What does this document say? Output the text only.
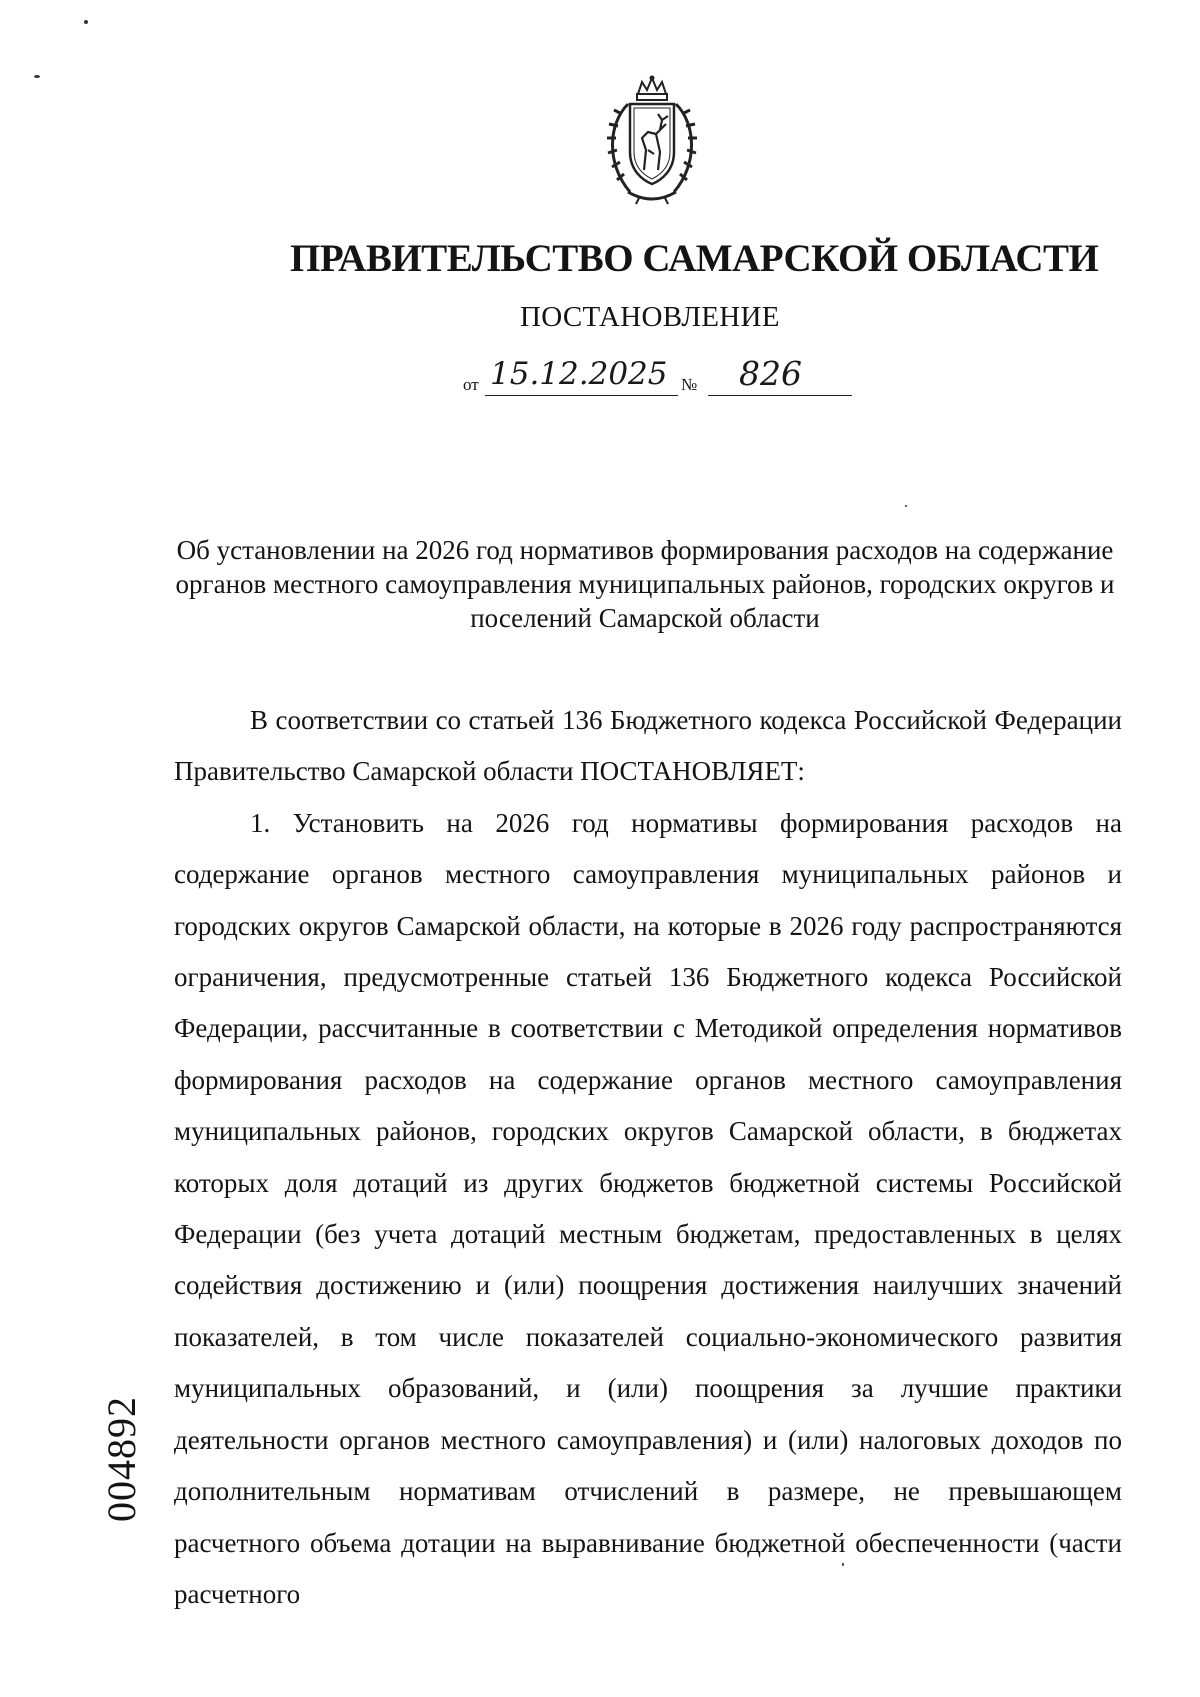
ПРАВИТЕЛЬСТВО САМАРСКОЙ ОБЛАСТИ
ПОСТАНОВЛЕНИЕ
от 15.12.2025 № 826
Об установлении на 2026 год нормативов формирования расходов на содержание органов местного самоуправления муниципальных районов, городских округов и поселений Самарской области

В соответствии со статьей 136 Бюджетного кодекса Российской Федерации Правительство Самарской области ПОСТАНОВЛЯЕТ:

1. Установить на 2026 год нормативы формирования расходов на содержание органов местного самоуправления муниципальных районов и городских округов Самарской области, на которые в 2026 году распространяются ограничения, предусмотренные статьей 136 Бюджетного кодекса Российской Федерации, рассчитанные в соответствии с Методикой определения нормативов формирования расходов на содержание органов местного самоуправления муниципальных районов, городских округов Самарской области, в бюджетах которых доля дотаций из других бюджетов бюджетной системы Российской Федерации (без учета дотаций местным бюджетам, предоставленных в целях содействия достижению и (или) поощрения достижения наилучших значений показателей, в том числе показателей социально-экономического развития муниципальных образований, и (или) поощрения за лучшие практики деятельности органов местного самоуправления) и (или) налоговых доходов по дополнительным нормативам отчислений в размере, не превышающем расчетного объема дотации на выравнивание бюджетной обеспеченности (части расчетного

004892
